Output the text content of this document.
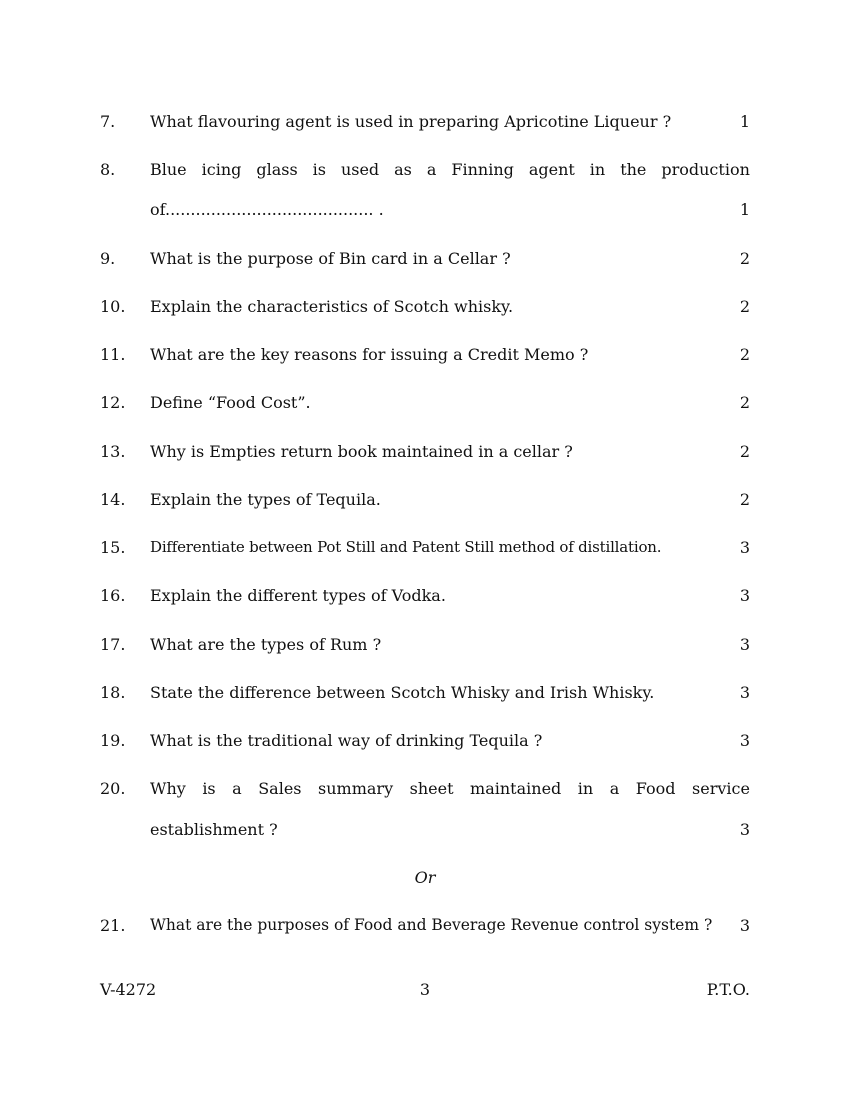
7.	What flavouring agent is used in preparing Apricotine Liqueur ?	1
8.	Blue icing glass is used as a Finning agent in the production
of......................................... .	1
9.	What is the purpose of Bin card in a Cellar ?	2
10.	Explain the characteristics of Scotch whisky.	2
11.	What are the key reasons for issuing a Credit Memo ?	2
12.	Define “Food Cost”.	2
13.	Why is Empties return book maintained in a cellar ?	2
14.	Explain the types of Tequila.	2
15.	Differentiate between Pot Still and Patent Still method of distillation.	3
16.	Explain the different types of Vodka.	3
17.	What are the types of Rum ?	3
18.	State the difference between Scotch Whisky and Irish Whisky.	3
19.	What is the traditional way of drinking Tequila ?	3
20.	Why is a Sales summary sheet maintained in a Food service
establishment ?	3
Or
21.	What are the purposes of Food and Beverage Revenue control system ?	3
V-4272	3	P.T.O.
